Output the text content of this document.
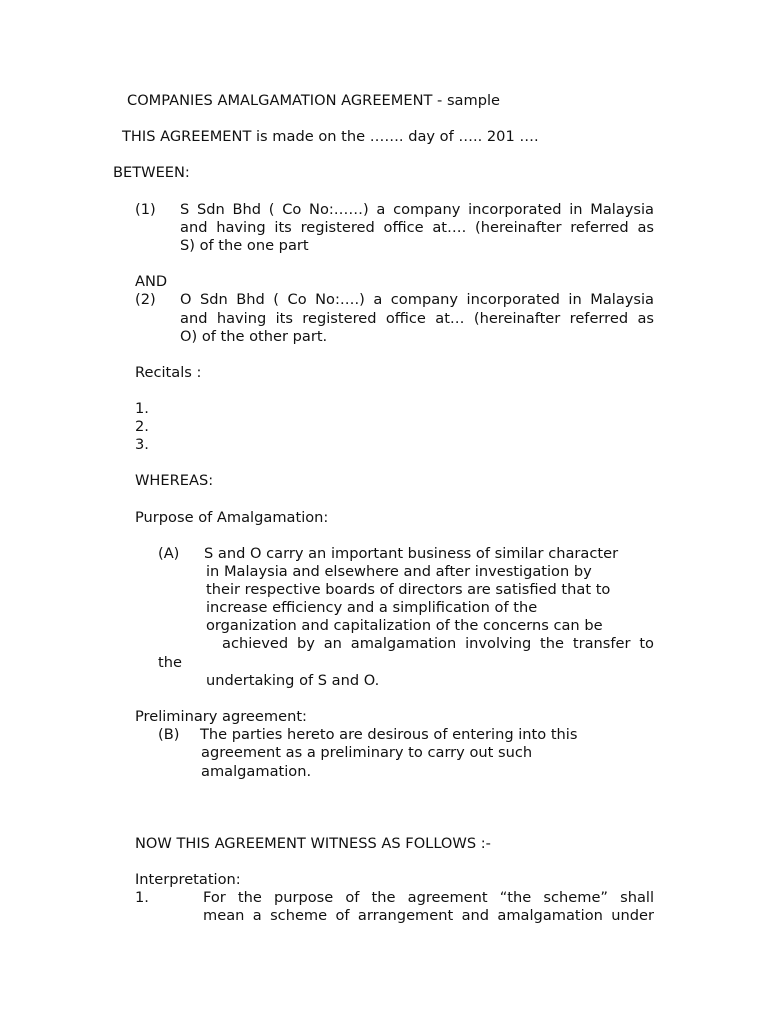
COMPANIES AMALGAMATION AGREEMENT - sample
THIS AGREEMENT is made on the ……. day of ….. 201 ….
BETWEEN:
(1) S Sdn Bhd ( Co No:……) a company incorporated in Malaysia
and having its registered office at…. (hereinafter referred as
S) of the one part
AND
(2) O Sdn Bhd ( Co No:….) a company incorporated in Malaysia
and having its registered office at… (hereinafter referred as
O) of the other part.
Recitals :
1.
2.
3.
WHEREAS:
Purpose of Amalgamation:
(A) S and O carry an important business of similar character
in Malaysia and elsewhere and after investigation by
their respective boards of directors are satisfied that to
increase efficiency and a simplification of the
organization and capitalization of the concerns can be
achieved by an amalgamation involving the transfer to
the
undertaking of S and O.
Preliminary agreement:
(B) The parties hereto are desirous of entering into this
agreement as a preliminary to carry out such
amalgamation.
NOW THIS AGREEMENT WITNESS AS FOLLOWS :-
Interpretation:
1.	For the purpose of the agreement “the scheme” shall
mean a scheme of arrangement and amalgamation under
